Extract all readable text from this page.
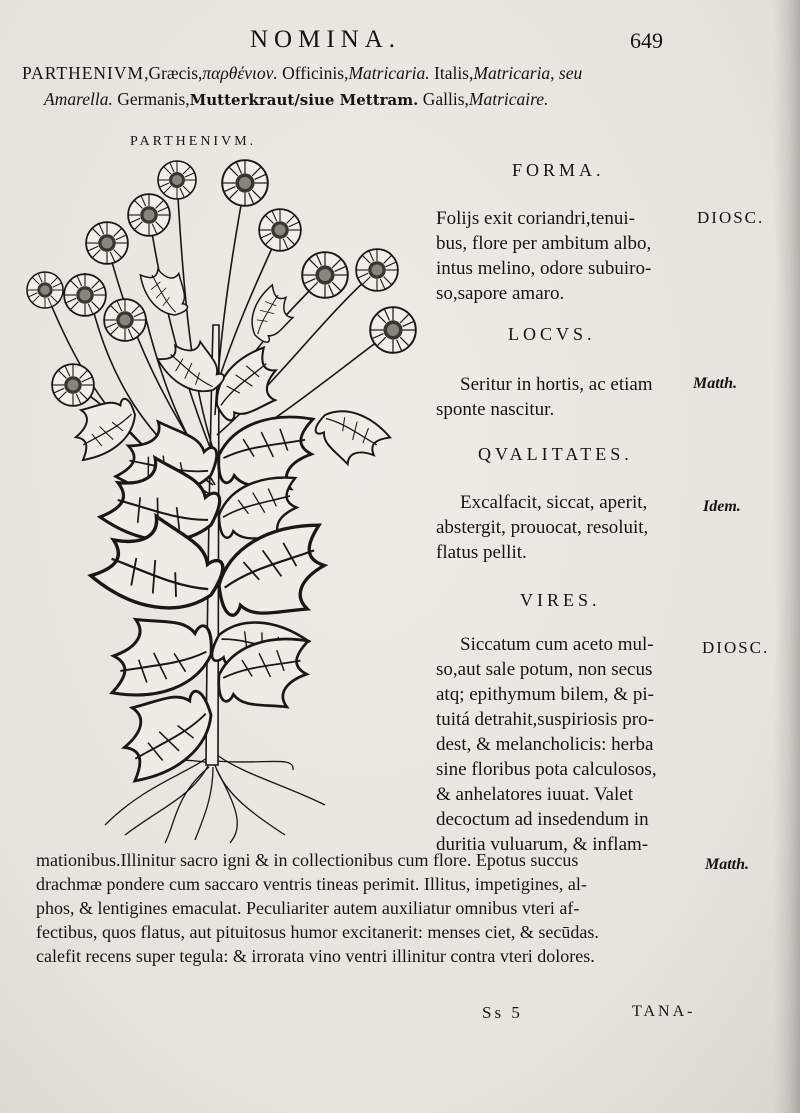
NOMINA.	649
PARTHENIVM,Græcis,παρθένιον. Officinis,Matricaria. Italis,Matricaria, seu
Amarella. Germanis,Mutterkraut/siue Mettram. Gallis,Matricaire.
PARTHENIVM.
FORMA.
Folijs exit coriandri,tenui-
bus, flore per ambitum albo,
intus melino, odore subuiro-
so,sapore amaro.
DIOSC.
LOCVS.
Seritur in hortis, ac etiam
sponte nascitur.
Matth.
QVALITATES.
Excalfacit, siccat, aperit,
abstergit, prouocat, resoluit,
flatus pellit.
Idem.
VIRES.
Siccatum cum aceto mul-
so,aut sale potum, non secus
atq; epithymum bilem, & pi-
tuitá detrahit,suspiriosis pro-
dest, & melancholicis: herba
sine floribus pota calculosos,
& anhelatores iuuat. Valet
decoctum ad insedendum in
duritia vuluarum, & inflam-
DIOSC.
mationibus.Illinitur sacro igni & in collectionibus cum flore. Epotus succus
drachmæ pondere cum saccaro ventris tineas perimit. Illitus, impetigines, al-
phos, & lentigines emaculat. Peculiariter autem auxiliatur omnibus vteri af-
fectibus, quos flatus, aut pituitosus humor excitanerit: menses ciet, & secūdas.
calefit recens super tegula: & irrorata vino ventri illinitur contra vteri dolores.
Matth.
Ss 5	TANA-
